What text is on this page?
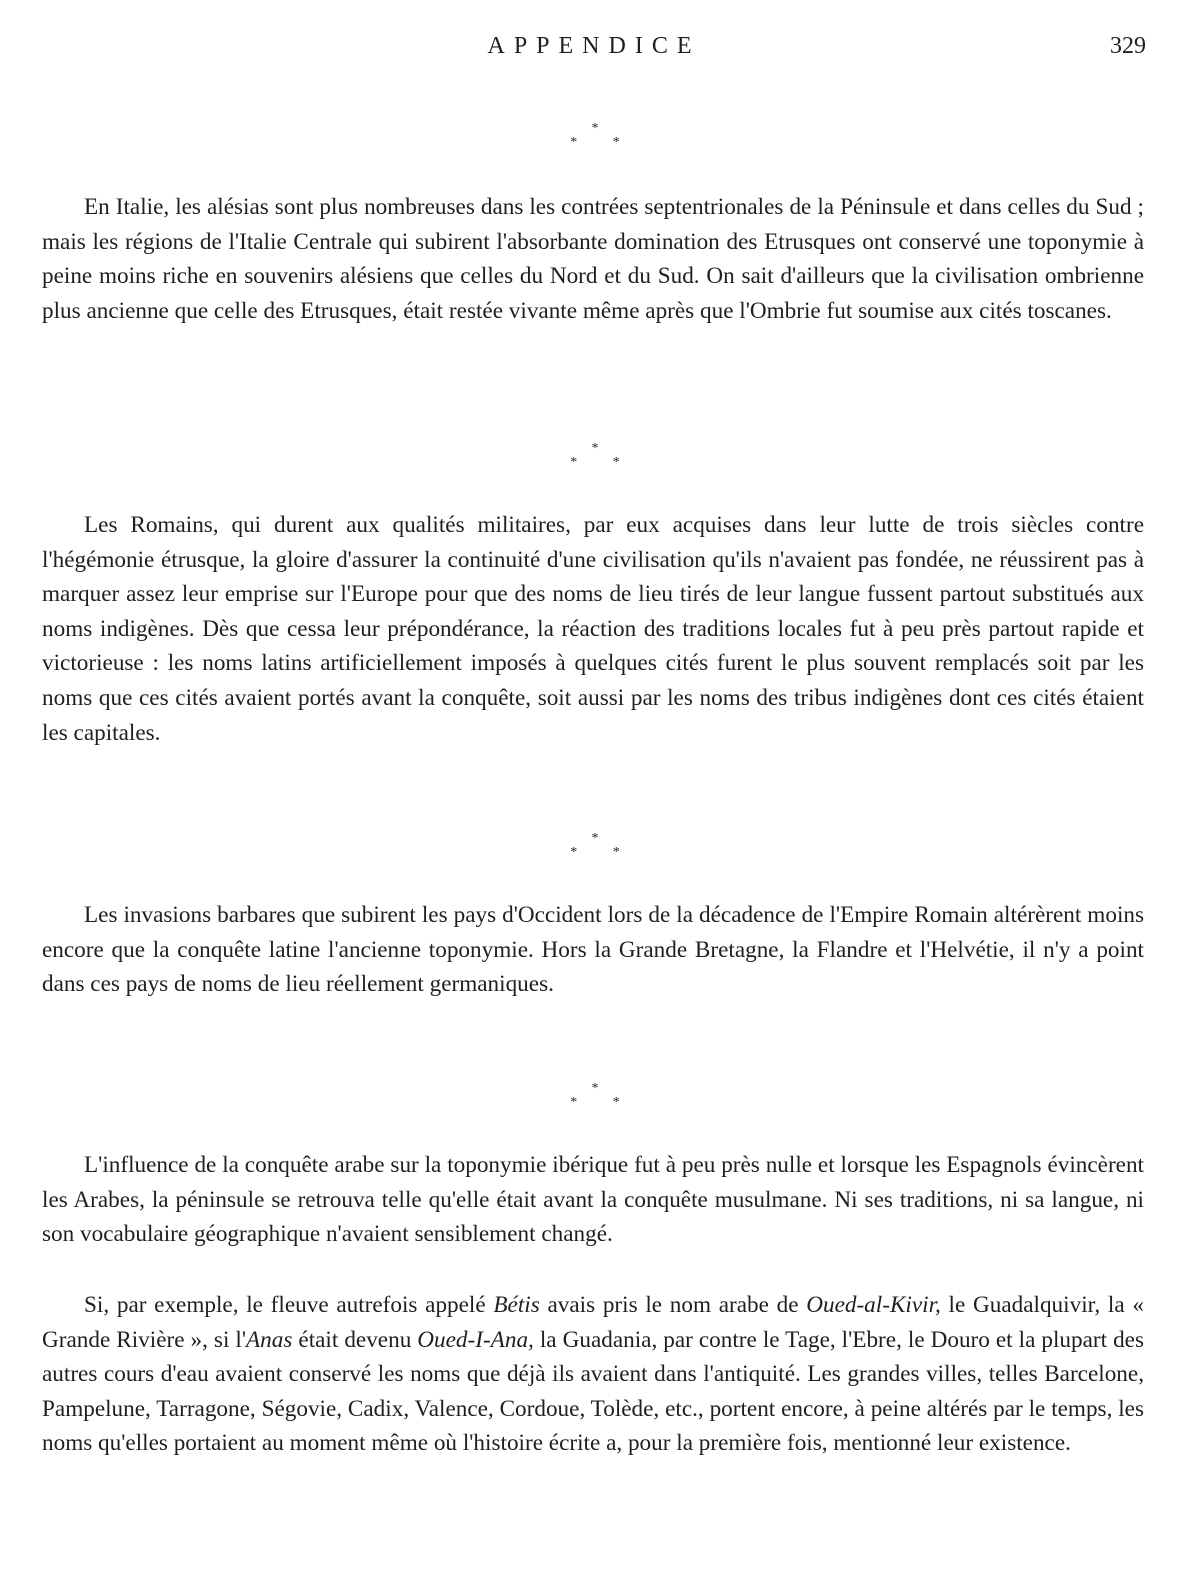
APPENDICE	329
*
* *

En Italie, les alésias sont plus nombreuses dans les contrées septentrionales de la Péninsule et dans celles du Sud ; mais les régions de l'Italie Centrale qui subirent l'absorbante domination des Etrusques ont conservé une toponymie à peine moins riche en souvenirs alésiens que celles du Nord et du Sud. On sait d'ailleurs que la civilisation ombrienne plus ancienne que celle des Etrusques, était restée vivante même après que l'Ombrie fut soumise aux cités toscanes.

*
* *

Les Romains, qui durent aux qualités militaires, par eux acquises dans leur lutte de trois siècles contre l'hégémonie étrusque, la gloire d'assurer la continuité d'une civilisation qu'ils n'avaient pas fondée, ne réussirent pas à marquer assez leur emprise sur l'Europe pour que des noms de lieu tirés de leur langue fussent partout substitués aux noms indigènes. Dès que cessa leur prépondérance, la réaction des traditions locales fut à peu près partout rapide et victorieuse : les noms latins artificiellement imposés à quelques cités furent le plus souvent remplacés soit par les noms que ces cités avaient portés avant la conquête, soit aussi par les noms des tribus indigènes dont ces cités étaient les capitales.

*
* *

Les invasions barbares que subirent les pays d'Occident lors de la décadence de l'Empire Romain altérèrent moins encore que la conquête latine l'ancienne toponymie. Hors la Grande Bretagne, la Flandre et l'Helvétie, il n'y a point dans ces pays de noms de lieu réellement germaniques.

*
* *

L'influence de la conquête arabe sur la toponymie ibérique fut à peu près nulle et lorsque les Espagnols évincèrent les Arabes, la péninsule se retrouva telle qu'elle était avant la conquête musulmane. Ni ses traditions, ni sa langue, ni son vocabulaire géographique n'avaient sensiblement changé.

Si, par exemple, le fleuve autrefois appelé Bétis avais pris le nom arabe de Oued-al-Kivir, le Guadalquivir, la « Grande Rivière », si l'Anas était devenu Oued-I-Ana, la Guadania, par contre le Tage, l'Ebre, le Douro et la plupart des autres cours d'eau avaient conservé les noms que déjà ils avaient dans l'antiquité. Les grandes villes, telles Barcelone, Pampelune, Tarragone, Ségovie, Cadix, Valence, Cordoue, Tolède, etc., portent encore, à peine altérés par le temps, les noms qu'elles portaient au moment même où l'histoire écrite a, pour la première fois, mentionné leur existence.
